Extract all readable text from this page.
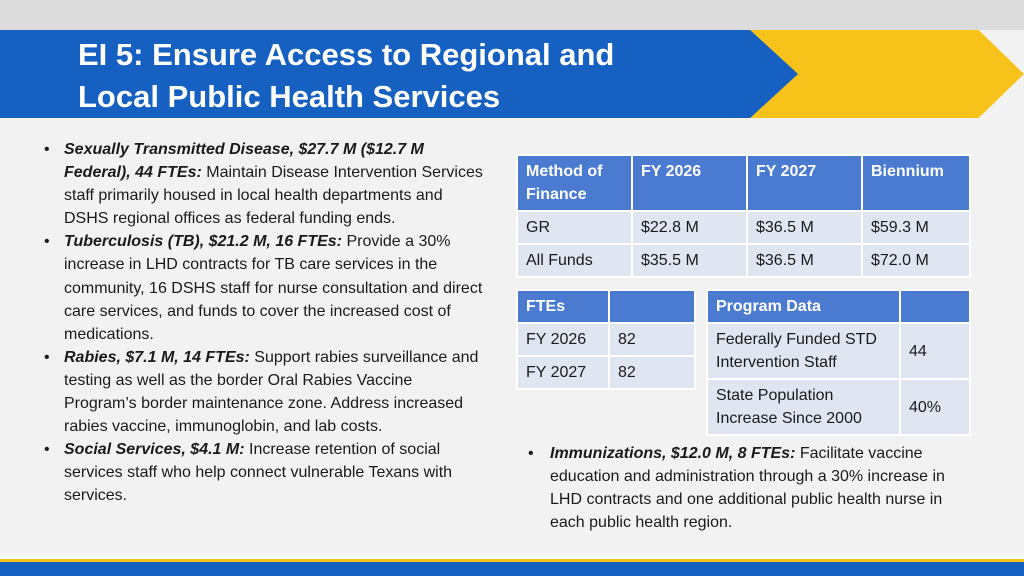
EI 5: Ensure Access to Regional and
Local Public Health Services
• Sexually Transmitted Disease, $27.7 M ($12.7 M Federal), 44 FTEs: Maintain Disease Intervention Services staff primarily housed in local health departments and DSHS regional offices as federal funding ends.
• Tuberculosis (TB), $21.2 M, 16 FTEs: Provide a 30% increase in LHD contracts for TB care services in the community, 16 DSHS staff for nurse consultation and direct care services, and funds to cover the increased cost of medications.
• Rabies, $7.1 M, 14 FTEs: Support rabies surveillance and testing as well as the border Oral Rabies Vaccine Program’s border maintenance zone. Address increased rabies vaccine, immunoglobin, and lab costs.
• Social Services, $4.1 M: Increase retention of social services staff who help connect vulnerable Texans with services.
Method of Finance	FY 2026	FY 2027	Biennium
GR	$22.8 M	$36.5 M	$59.3 M
All Funds	$35.5 M	$36.5 M	$72.0 M
FTEs	
FY 2026	82
FY 2027	82
Program Data	
Federally Funded STD Intervention Staff	44
State Population Increase Since 2000	40%
• Immunizations, $12.0 M, 8 FTEs: Facilitate vaccine education and administration through a 30% increase in LHD contracts and one additional public health nurse in each public health region.
